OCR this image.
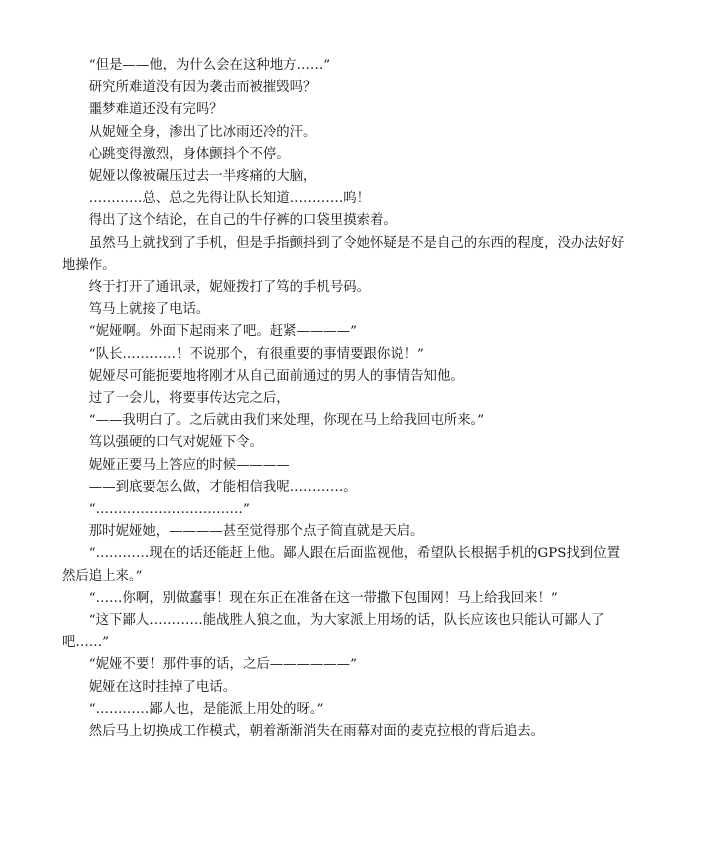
“但是——他，为什么会在这种地方……”

研究所难道没有因为袭击而被摧毁吗？

噩梦难道还没有完吗？

从妮娅全身，渗出了比冰雨还冷的汗。

心跳变得激烈，身体颤抖个不停。

妮娅以像被碾压过去一半疼痛的大脑，

…………总、总之先得让队长知道…………呜！

得出了这个结论，在自己的牛仔裤的口袋里摸索着。

虽然马上就找到了手机，但是手指颤抖到了令她怀疑是不是自己的东西的程度，没办法好好地操作。

终于打开了通讯录，妮娅拨打了笃的手机号码。

笃马上就接了电话。

“妮娅啊。外面下起雨来了吧。赶紧————”

“队长…………！不说那个，有很重要的事情要跟你说！”

妮娅尽可能扼要地将刚才从自己面前通过的男人的事情告知他。

过了一会儿，将要事传达完之后，

“——我明白了。之后就由我们来处理，你现在马上给我回屯所来。”

笃以强硬的口气对妮娅下令。

妮娅正要马上答应的时候————

——到底要怎么做，才能相信我呢…………。

“……………………………”

那时妮娅她，————甚至觉得那个点子简直就是天启。

“…………现在的话还能赶上他。鄙人跟在后面监视他，希望队长根据手机的GPS找到位置然后追上来。”

“……你啊，别做蠢事！现在东正在准备在这一带撒下包围网！马上给我回来！”

“这下鄙人…………能战胜人狼之血，为大家派上用场的话，队长应该也只能认可鄙人了吧……”

“妮娅不要！那件事的话，之后——————”

妮娅在这时挂掉了电话。

“…………鄙人也，是能派上用处的呀。”

然后马上切换成工作模式，朝着渐渐消失在雨幕对面的麦克拉根的背后追去。
